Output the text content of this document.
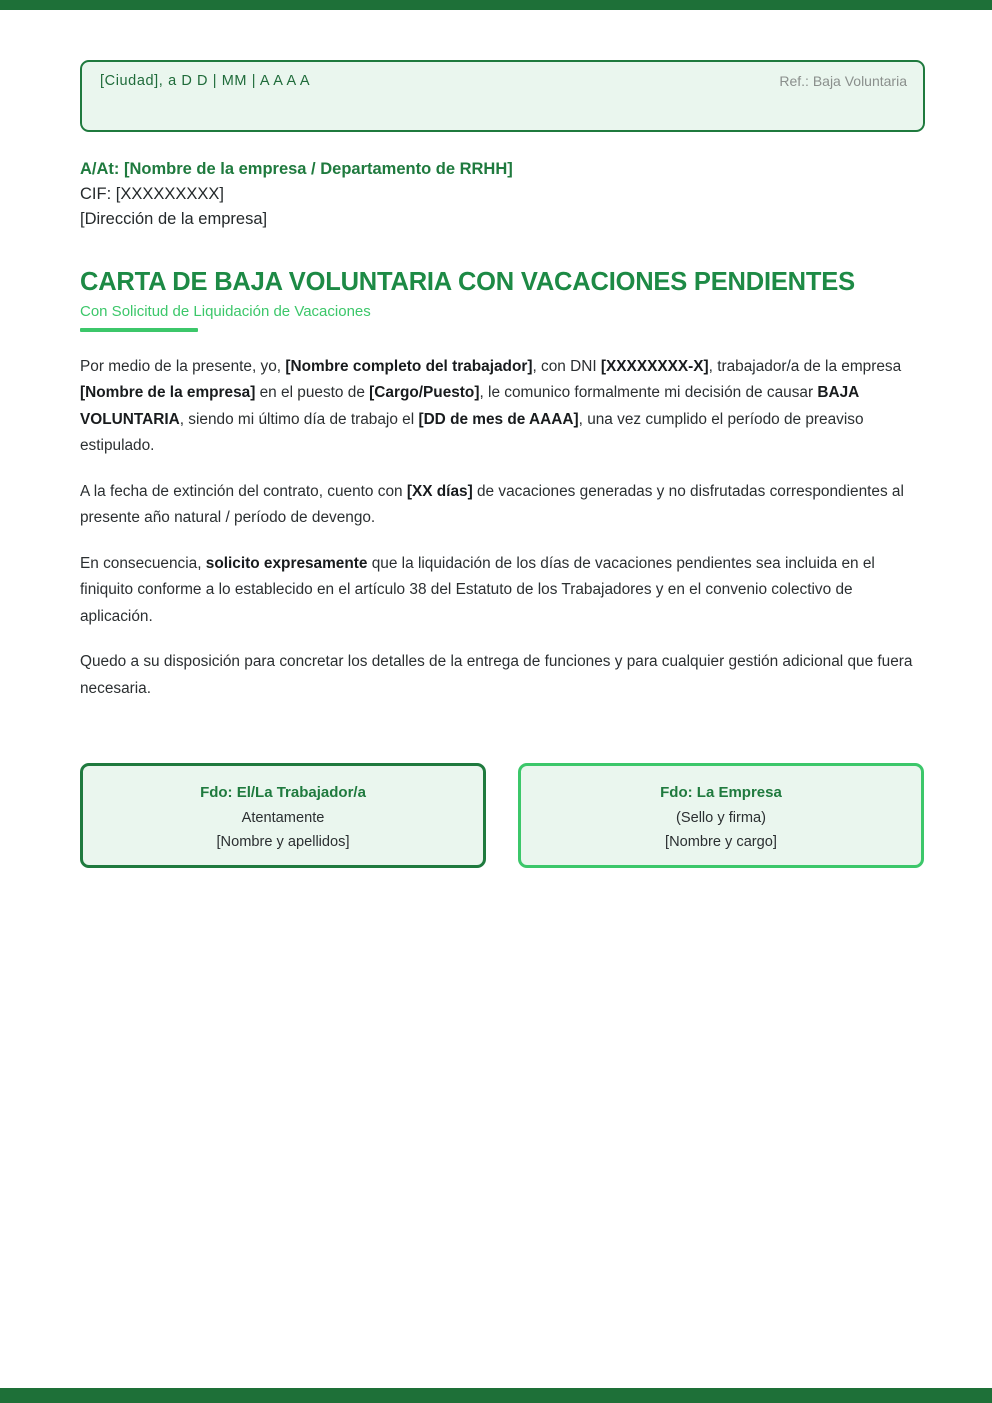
[Ciudad], a D D | MM | A A A A	Ref.: Baja Voluntaria
A/At: [Nombre de la empresa / Departamento de RRHH]
CIF: [XXXXXXXXX]
[Dirección de la empresa]
CARTA DE BAJA VOLUNTARIA CON VACACIONES PENDIENTES
Con Solicitud de Liquidación de Vacaciones

Por medio de la presente, yo, [Nombre completo del trabajador], con DNI [XXXXXXXX-X], trabajador/a de la empresa [Nombre de la empresa] en el puesto de [Cargo/Puesto], le comunico formalmente mi decisión de causar BAJA VOLUNTARIA, siendo mi último día de trabajo el [DD de mes de AAAA], una vez cumplido el período de preaviso estipulado.

A la fecha de extinción del contrato, cuento con [XX días] de vacaciones generadas y no disfrutadas correspondientes al presente año natural / período de devengo.

En consecuencia, solicito expresamente que la liquidación de los días de vacaciones pendientes sea incluida en el finiquito conforme a lo establecido en el artículo 38 del Estatuto de los Trabajadores y en el convenio colectivo de aplicación.

Quedo a su disposición para concretar los detalles de la entrega de funciones y para cualquier gestión adicional que fuera necesaria.

Fdo: El/La Trabajador/a
Atentamente
[Nombre y apellidos]
Fdo: La Empresa
(Sello y firma)
[Nombre y cargo]
